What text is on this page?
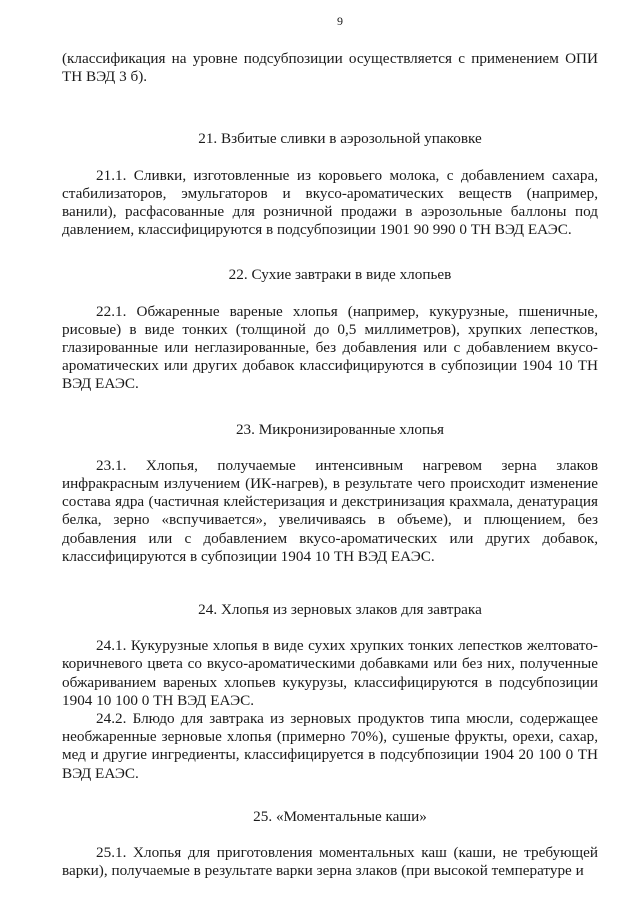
9

(классификация на уровне подсубпозиции осуществляется с применением ОПИ ТН ВЭД 3 б).

21. Взбитые сливки в аэрозольной упаковке

21.1. Сливки, изготовленные из коровьего молока, с добавлением сахара, стабилизаторов, эмульгаторов и вкусо-ароматических веществ (например, ванили), расфасованные для розничной продажи в аэрозольные баллоны под давлением, классифицируются в подсубпозиции 1901 90 990 0 ТН ВЭД ЕАЭС.

22. Сухие завтраки в виде хлопьев

22.1. Обжаренные вареные хлопья (например, кукурузные, пшеничные, рисовые) в виде тонких (толщиной до 0,5 миллиметров), хрупких лепестков, глазированные или неглазированные, без добавления или с добавлением вкусо-ароматических или других добавок классифицируются в субпозиции 1904 10 ТН ВЭД ЕАЭС.

23. Микронизированные хлопья

23.1. Хлопья, получаемые интенсивным нагревом зерна злаков инфракрасным излучением (ИК-нагрев), в результате чего происходит изменение состава ядра (частичная клейстеризация и декстринизация крахмала, денатурация белка, зерно «вспучивается», увеличиваясь в объеме), и плющением, без добавления или с добавлением вкусо-ароматических или других добавок, классифицируются в субпозиции 1904 10 ТН ВЭД ЕАЭС.

24. Хлопья из зерновых злаков для завтрака

24.1. Кукурузные хлопья в виде сухих хрупких тонких лепестков желтовато-коричневого цвета со вкусо-ароматическими добавками или без них, полученные обжариванием вареных хлопьев кукурузы, классифицируются в подсубпозиции 1904 10 100 0 ТН ВЭД ЕАЭС.

24.2. Блюдо для завтрака из зерновых продуктов типа мюсли, содержащее необжаренные зерновые хлопья (примерно 70%), сушеные фрукты, орехи, сахар, мед и другие ингредиенты, классифицируется в подсубпозиции 1904 20 100 0 ТН ВЭД ЕАЭС.

25. «Моментальные каши»

25.1. Хлопья для приготовления моментальных каш (каши, не требующей варки), получаемые в результате варки зерна злаков (при высокой температуре и
